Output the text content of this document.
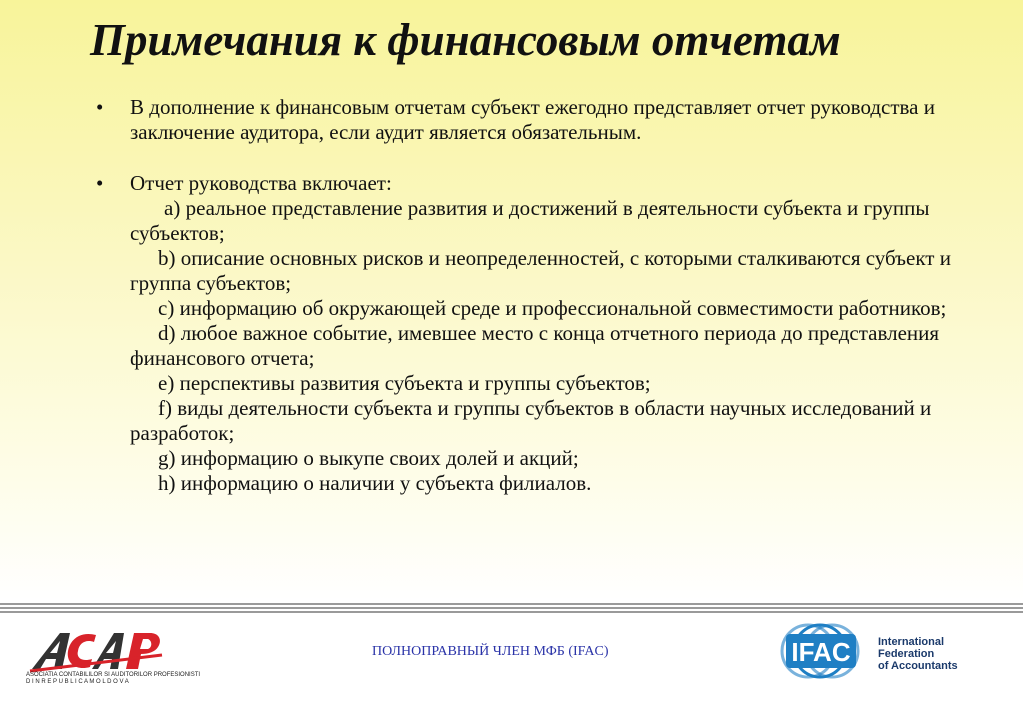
Примечания к финансовым отчетам
• В дополнение к финансовым отчетам субъект ежегодно представляет отчет руководства и заключение аудитора, если аудит является обязательным.
• Отчет руководства включает:
a) реальное представление развития и достижений в деятельности субъекта и группы субъектов;
b) описание основных рисков и неопределенностей, с которыми сталкиваются субъект и группа субъектов;
c) информацию об окружающей среде и профессиональной совместимости работников;
d) любое важное событие, имевшее место с конца отчетного периода до представления финансового отчета;
e) перспективы развития субъекта и группы субъектов;
f) виды деятельности субъекта и группы субъектов в области научных исследований и разработок;
g) информацию о выкупе своих долей и акций;
h) информацию о наличии у субъекта филиалов.
ASOCIATIA CONTABILILOR SI AUDITORILOR PROFESIONISTI
D I N R E P U B L I C A M O L D O V A
ПОЛНОПРАВНЫЙ ЧЛЕН МФБ (IFAC)	IFAC International
Federation
of Accountants
